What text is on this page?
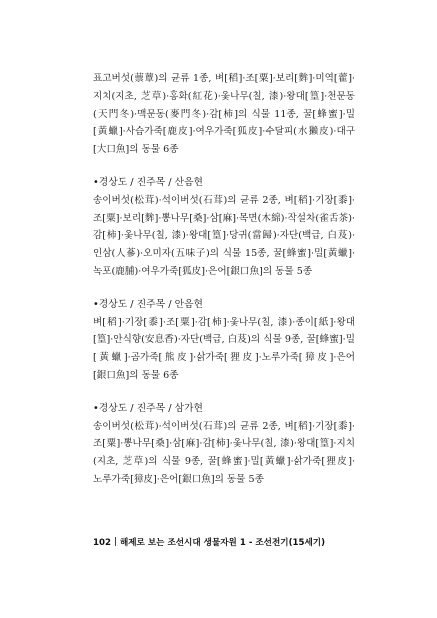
표고버섯(蔈蕈)의 균류 1종, 벼[稻]·조[粟]·보리[麰]·미역[藿]·지치(지초, 芝草)·홍화(紅花)·옻나무(칠, 漆)·왕대[篁]·천문동(天門冬)·맥문동(麥門冬)·감[柿]의 식물 11종, 꿀[蜂蜜]·밀[黃蠟]·사슴가죽[鹿皮]·여우가죽[狐皮]·수달피(水獺皮)·대구[大口魚]의 동물 6종

•경상도 / 진주목 / 산음현

송이버섯(松茸)·석이버섯(石茸)의 균류 2종, 벼[稻]·기장[黍]·조[粟]·보리[麰]·뽕나무[桑]·삼[麻]·목면(木綿)·작설차(雀舌茶)·감[柿]·옻나무(칠, 漆)·왕대[篁]·당귀(當歸)·자단(백급, 白芨)·인삼(人蔘)·오미자(五味子)의 식물 15종, 꿀[蜂蜜]·밀[黃蠟]·녹포(鹿脯)·여우가죽[狐皮]·은어[銀口魚]의 동물 5종

•경상도 / 진주목 / 안음현

벼[稻]·기장[黍]·조[粟]·감[柿]·옻나무(칠, 漆)·종이[紙]·왕대[篁]·안식향(安息香)·자단(백급, 白芨)의 식물 9종, 꿀[蜂蜜]·밀[黃蠟]·곰가죽[熊皮]·삵가죽[狸皮]·노루가죽[獐皮]·은어[銀口魚]의 동물 6종

•경상도 / 진주목 / 삼가현

송이버섯(松茸)·석이버섯(石茸)의 균류 2종, 벼[稻]·기장[黍]·조[粟]·뽕나무[桑]·삼[麻]·감[柿]·옻나무(칠, 漆)·왕대[篁]·지치(지초, 芝草)의 식물 9종, 꿀[蜂蜜]·밀[黃蠟]·삵가죽[狸皮]·노루가죽[獐皮]·은어[銀口魚]의 동물 5종

102 해제로 보는 조선시대 생물자원 1 - 조선전기(15세기)
